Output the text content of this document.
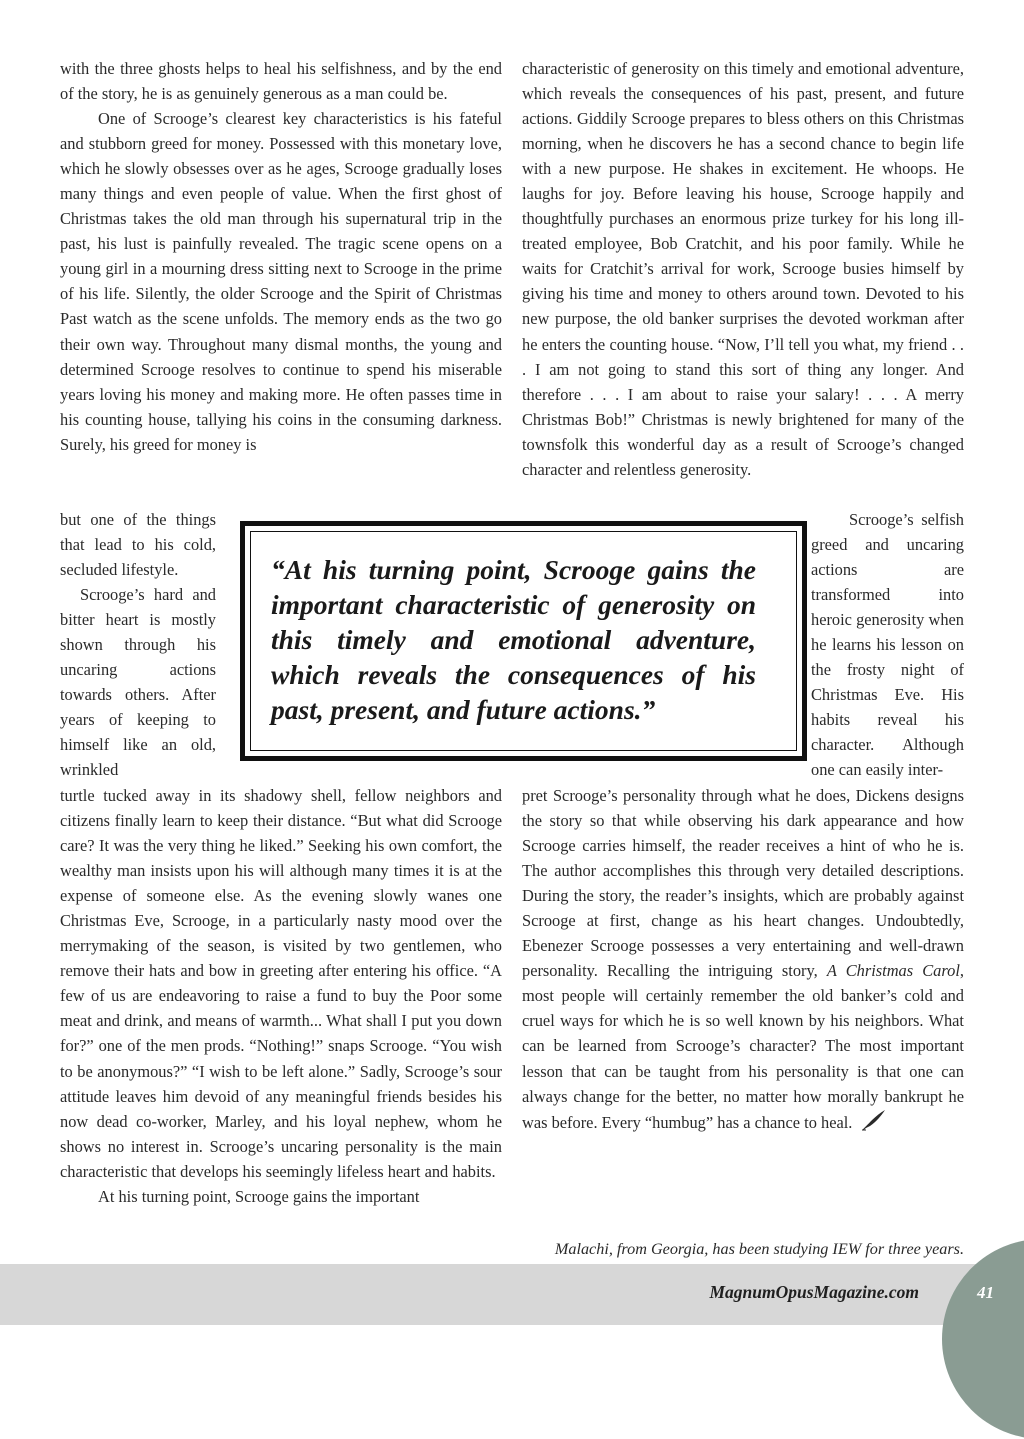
with the three ghosts helps to heal his selfishness, and by the end of the story, he is as genuinely generous as a man could be.

One of Scrooge’s clearest key characteristics is his fateful and stubborn greed for money. Possessed with this monetary love, which he slowly obsesses over as he ages, Scrooge gradually loses many things and even people of value. When the first ghost of Christmas takes the old man through his supernatural trip in the past, his lust is painfully revealed. The tragic scene opens on a young girl in a mourning dress sitting next to Scrooge in the prime of his life. Silently, the older Scrooge and the Spirit of Christmas Past watch as the scene unfolds. The memory ends as the two go their own way. Throughout many dismal months, the young and determined Scrooge resolves to continue to spend his miserable years loving his money and making more. He often passes time in his counting house, tallying his coins in the consuming darkness. Surely, his greed for money is

but one of the things that lead to his cold, secluded lifestyle.

Scrooge’s hard and bitter heart is mostly shown through his uncaring actions towards others. After years of keeping to himself like an old, wrinkled

turtle tucked away in its shadowy shell, fellow neighbors and citizens finally learn to keep their distance. “But what did Scrooge care? It was the very thing he liked.” Seeking his own comfort, the wealthy man insists upon his will although many times it is at the expense of someone else. As the evening slowly wanes one Christmas Eve, Scrooge, in a particularly nasty mood over the merrymaking of the season, is visited by two gentlemen, who remove their hats and bow in greeting after entering his office. “A few of us are endeavoring to raise a fund to buy the Poor some meat and drink, and means of warmth... What shall I put you down for?” one of the men prods. “Nothing!” snaps Scrooge. “You wish to be anonymous?” “I wish to be left alone.” Sadly, Scrooge’s sour attitude leaves him devoid of any meaningful friends besides his now dead co-worker, Marley, and his loyal nephew, whom he shows no interest in. Scrooge’s uncaring personality is the main characteristic that develops his seemingly lifeless heart and habits.

At his turning point, Scrooge gains the important

characteristic of generosity on this timely and emotional adventure, which reveals the consequences of his past, present, and future actions. Giddily Scrooge prepares to bless others on this Christmas morning, when he discovers he has a second chance to begin life with a new purpose. He shakes in excitement. He whoops. He laughs for joy. Before leaving his house, Scrooge happily and thoughtfully purchases an enormous prize turkey for his long ill-treated employee, Bob Cratchit, and his poor family. While he waits for Cratchit’s arrival for work, Scrooge busies himself by giving his time and money to others around town. Devoted to his new purpose, the old banker surprises the devoted workman after he enters the counting house. “Now, I’ll tell you what, my friend . . . I am not going to stand this sort of thing any longer. And therefore . . . I am about to raise your salary! . . . A merry Christmas Bob!” Christmas is newly brightened for many of the townsfolk this wonderful day as a result of Scrooge’s changed character and relentless generosity.

Scrooge’s selfish greed and uncaring actions are transformed into heroic generosity when he learns his lesson on the frosty night of Christmas Eve. His habits reveal his character. Although one can easily inter-

pret Scrooge’s personality through what he does, Dickens designs the story so that while observing his dark appearance and how Scrooge carries himself, the reader receives a hint of who he is. The author accomplishes this through very detailed descriptions. During the story, the reader’s insights, which are probably against Scrooge at first, change as his heart changes. Undoubtedly, Ebenezer Scrooge possesses a very entertaining and well-drawn personality. Recalling the intriguing story, A Christmas Carol, most people will certainly remember the old banker’s cold and cruel ways for which he is so well known by his neighbors. What can be learned from Scrooge’s character? The most important lesson that can be taught from his personality is that one can always change for the better, no matter how morally bankrupt he was before. Every “humbug” has a chance to heal.

“At his turning point, Scrooge gains the important characteristic of generosity on this timely and emotional adventure, which reveals the consequences of his past, present, and future actions.”
Malachi, from Georgia, has been studying IEW for three years.
MagnumOpusMagazine.com	41
